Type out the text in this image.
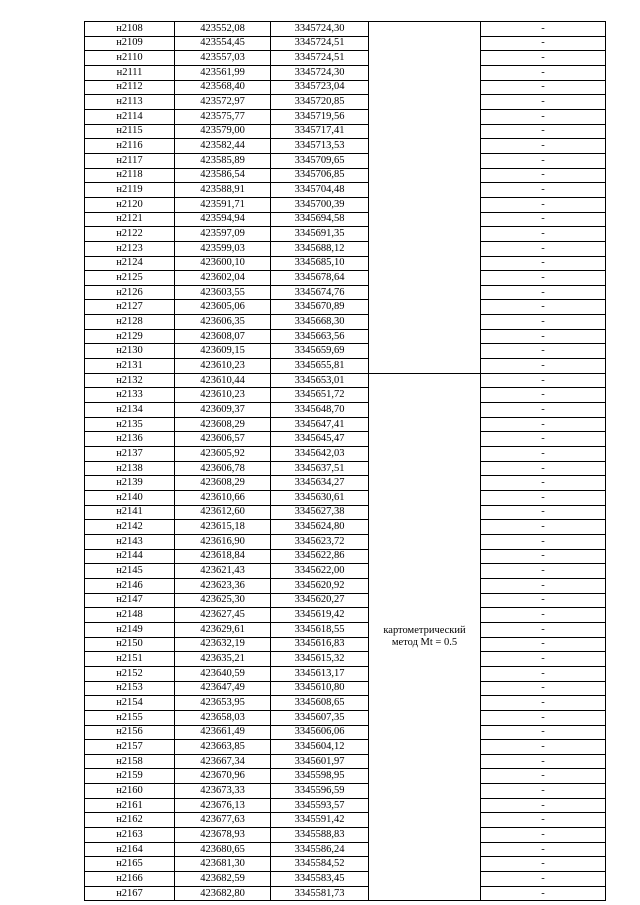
н2108	423552,08	3345724,30		-
н2109	423554,45	3345724,51		-
н2110	423557,03	3345724,51		-
н2111	423561,99	3345724,30		-
н2112	423568,40	3345723,04		-
н2113	423572,97	3345720,85		-
н2114	423575,77	3345719,56		-
н2115	423579,00	3345717,41		-
н2116	423582,44	3345713,53		-
н2117	423585,89	3345709,65		-
н2118	423586,54	3345706,85		-
н2119	423588,91	3345704,48		-
н2120	423591,71	3345700,39		-
н2121	423594,94	3345694,58		-
н2122	423597,09	3345691,35		-
н2123	423599,03	3345688,12		-
н2124	423600,10	3345685,10		-
н2125	423602,04	3345678,64		-
н2126	423603,55	3345674,76		-
н2127	423605,06	3345670,89		-
н2128	423606,35	3345668,30		-
н2129	423608,07	3345663,56		-
н2130	423609,15	3345659,69		-
н2131	423610,23	3345655,81		-
н2132	423610,44	3345653,01	картометрический
метод Mt = 0.5	-
н2133	423610,23	3345651,72		-
н2134	423609,37	3345648,70		-
н2135	423608,29	3345647,41		-
н2136	423606,57	3345645,47		-
н2137	423605,92	3345642,03		-
н2138	423606,78	3345637,51		-
н2139	423608,29	3345634,27		-
н2140	423610,66	3345630,61		-
н2141	423612,60	3345627,38		-
н2142	423615,18	3345624,80		-
н2143	423616,90	3345623,72		-
н2144	423618,84	3345622,86		-
н2145	423621,43	3345622,00		-
н2146	423623,36	3345620,92		-
н2147	423625,30	3345620,27		-
н2148	423627,45	3345619,42		-
н2149	423629,61	3345618,55		-
н2150	423632,19	3345616,83		-
н2151	423635,21	3345615,32		-
н2152	423640,59	3345613,17		-
н2153	423647,49	3345610,80		-
н2154	423653,95	3345608,65		-
н2155	423658,03	3345607,35		-
н2156	423661,49	3345606,06		-
н2157	423663,85	3345604,12		-
н2158	423667,34	3345601,97		-
н2159	423670,96	3345598,95		-
н2160	423673,33	3345596,59		-
н2161	423676,13	3345593,57		-
н2162	423677,63	3345591,42		-
н2163	423678,93	3345588,83		-
н2164	423680,65	3345586,24		-
н2165	423681,30	3345584,52		-
н2166	423682,59	3345583,45		-
н2167	423682,80	3345581,73		-
